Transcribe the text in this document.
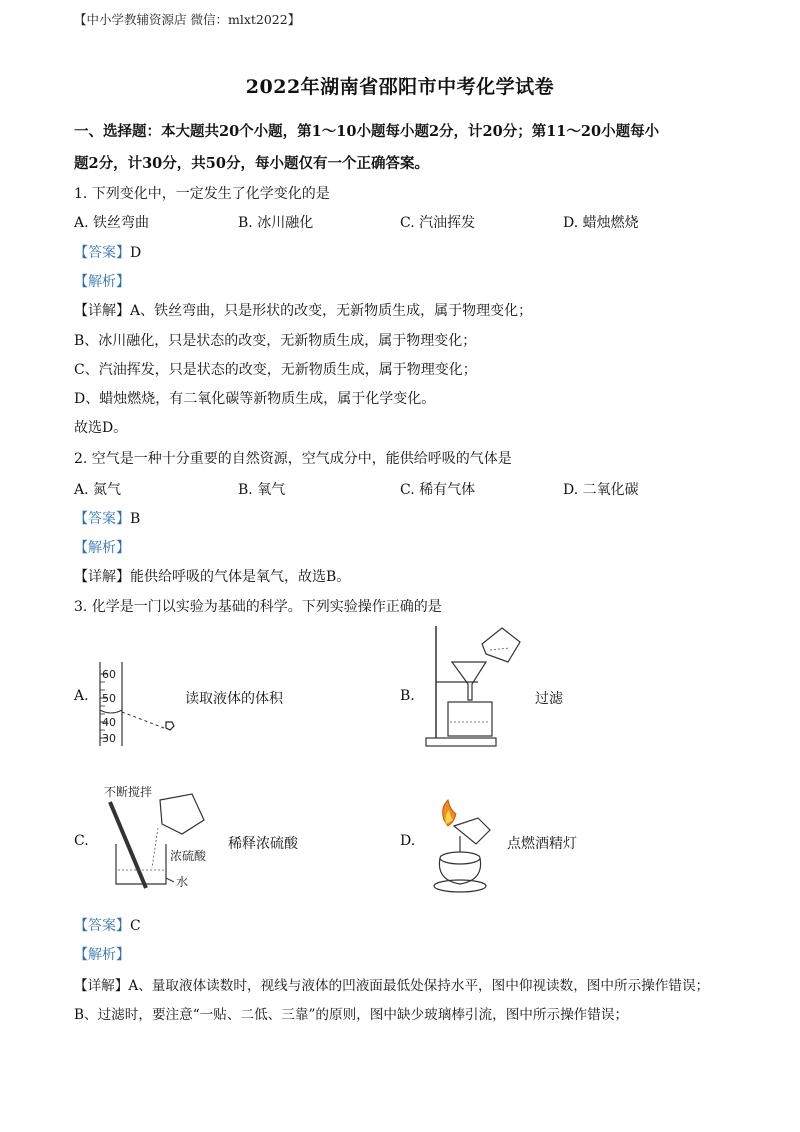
【中小学教辅资源店 微信：mlxt2022】
2022年湖南省邵阳市中考化学试卷
一、选择题：本大题共20个小题，第1～10小题每小题2分，计20分；第11～20小题每小
题2分，计30分，共50分，每小题仅有一个正确答案。
1. 下列变化中，一定发生了化学变化的是
A. 铁丝弯曲	B. 冰川融化	C. 汽油挥发	D. 蜡烛燃烧
【答案】D
【解析】
【详解】A、铁丝弯曲，只是形状的改变，无新物质生成，属于物理变化；
B、冰川融化，只是状态的改变，无新物质生成，属于物理变化；
C、汽油挥发，只是状态的改变，无新物质生成，属于物理变化；
D、蜡烛燃烧，有二氧化碳等新物质生成，属于化学变化。
故选D。
2. 空气是一种十分重要的自然资源，空气成分中，能供给呼吸的气体是
A. 氮气	B. 氧气	C. 稀有气体	D. 二氧化碳
【答案】B
【解析】
【详解】能供给呼吸的气体是氧气，故选B。
3. 化学是一门以实验为基础的科学。下列实验操作正确的是
A.
60
50
40
30
读取液体的体积	B.	过滤
C.
不断搅拌
浓硫酸
水
稀释浓硫酸	D.	点燃酒精灯
【答案】C
【解析】
【详解】A、量取液体读数时，视线与液体的凹液面最低处保持水平，图中仰视读数，图中所示操作错误；
B、过滤时，要注意“一贴、二低、三靠”的原则，图中缺少玻璃棒引流，图中所示操作错误；
